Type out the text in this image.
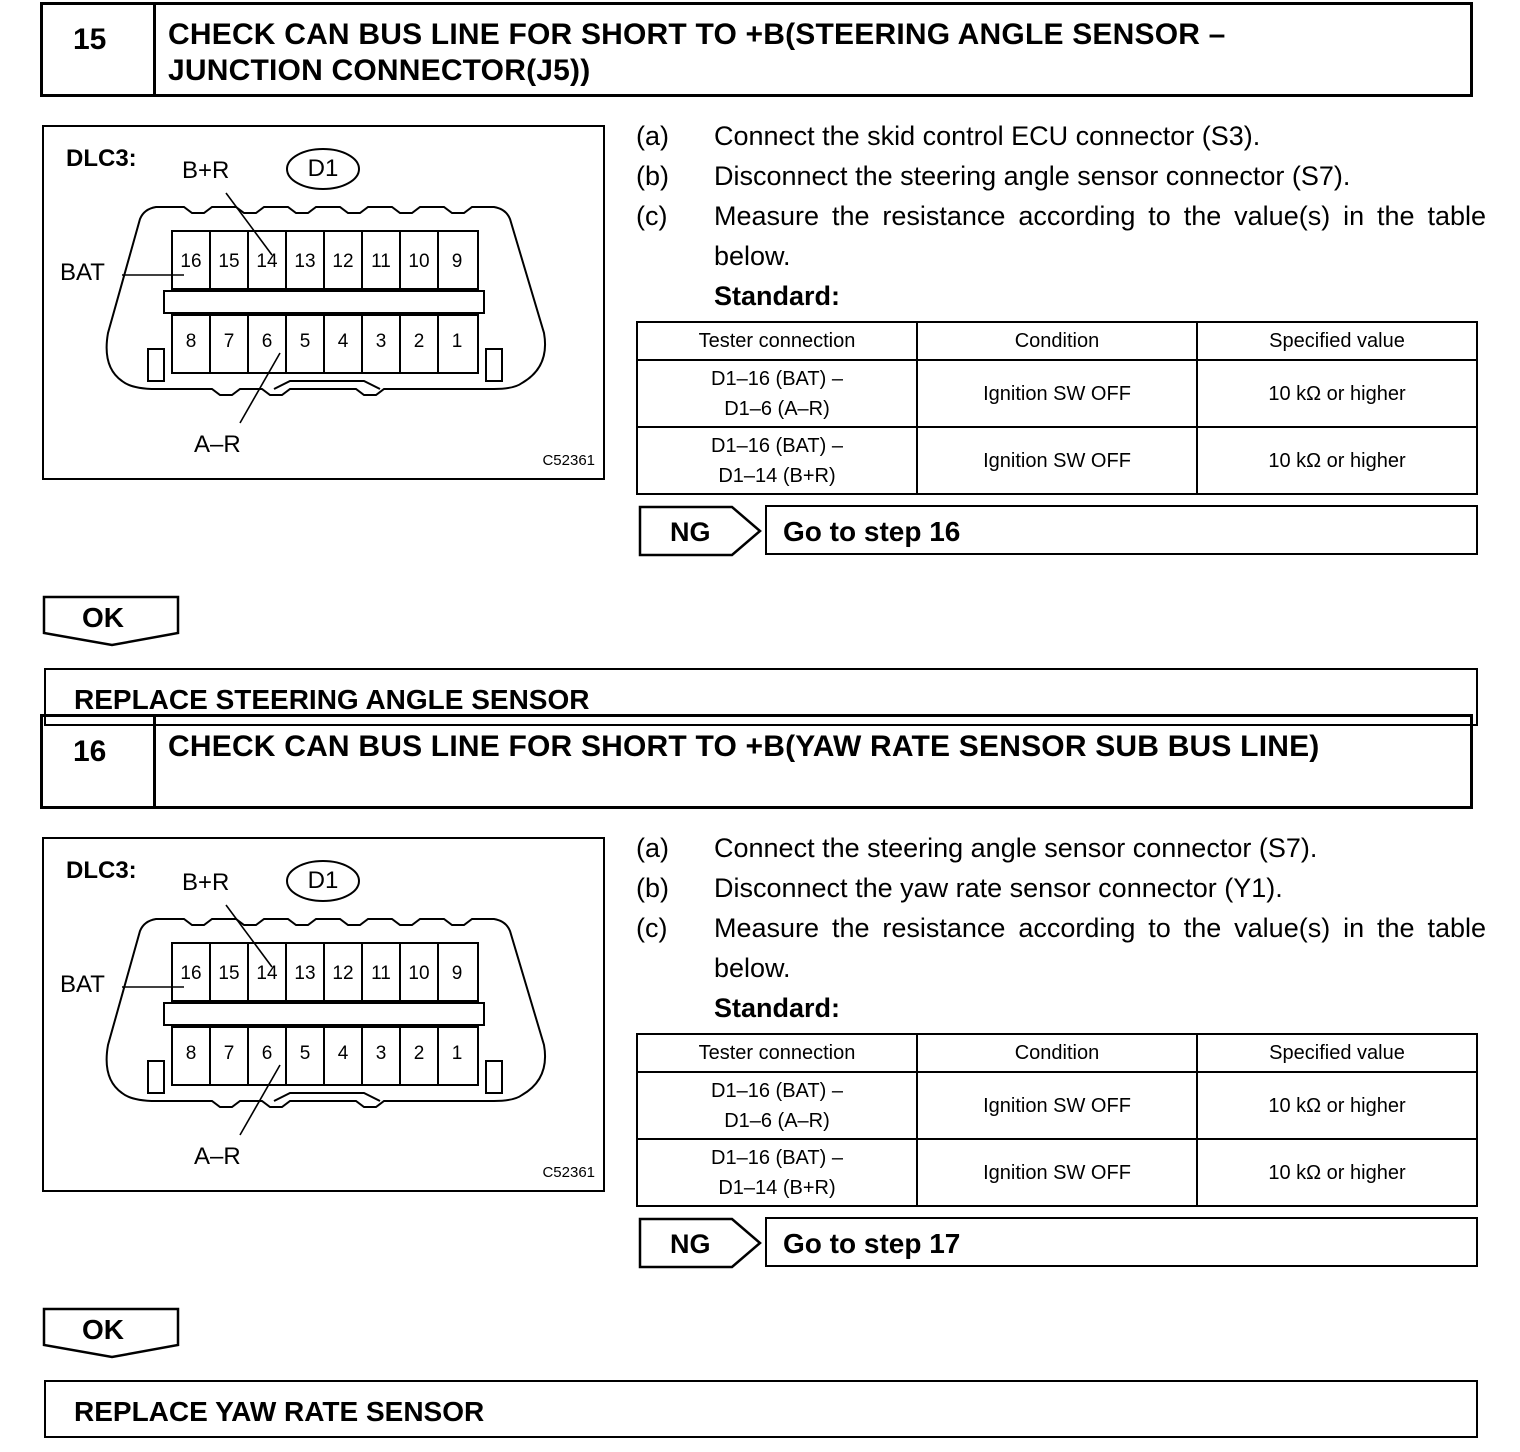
15	CHECK CAN BUS LINE FOR SHORT TO +B(STEERING ANGLE SENSOR –
JUNCTION CONNECTOR(J5))
DLC3: B+R
BAT
A–R
D1
C52361
16 15 14 13 12 11 10	9
8	7	6	5	4	3	2	1
(a)	Connect the skid control ECU connector (S3).
(b)	Disconnect the steering angle sensor connector (S7).
(c)	Measure the resistance according to the value(s) in the table below.
Standard:
Tester connection	Condition	Specified value

D1–16 (BAT) –
D1–6 (A–R)	Ignition SW OFF	10 kΩ or higher

D1–16 (BAT) –
D1–14 (B+R)	Ignition SW OFF	10 kΩ or higher
NG	Go to step 16
OK
REPLACE STEERING ANGLE SENSOR
16	CHECK CAN BUS LINE FOR SHORT TO +B(YAW RATE SENSOR SUB BUS LINE)
DLC3: B+R
BAT
A–R
D1
C52361
16 15 14 13 12 11 10	9
8	7	6	5	4	3	2	1
(a)	Connect the steering angle sensor connector (S7).
(b)	Disconnect the yaw rate sensor connector (Y1).
(c)	Measure the resistance according to the value(s) in the table below.
Standard:
Tester connection	Condition	Specified value

D1–16 (BAT) –
D1–6 (A–R)	Ignition SW OFF	10 kΩ or higher

D1–16 (BAT) –
D1–14 (B+R)	Ignition SW OFF	10 kΩ or higher
NG	Go to step 17
OK
REPLACE YAW RATE SENSOR
